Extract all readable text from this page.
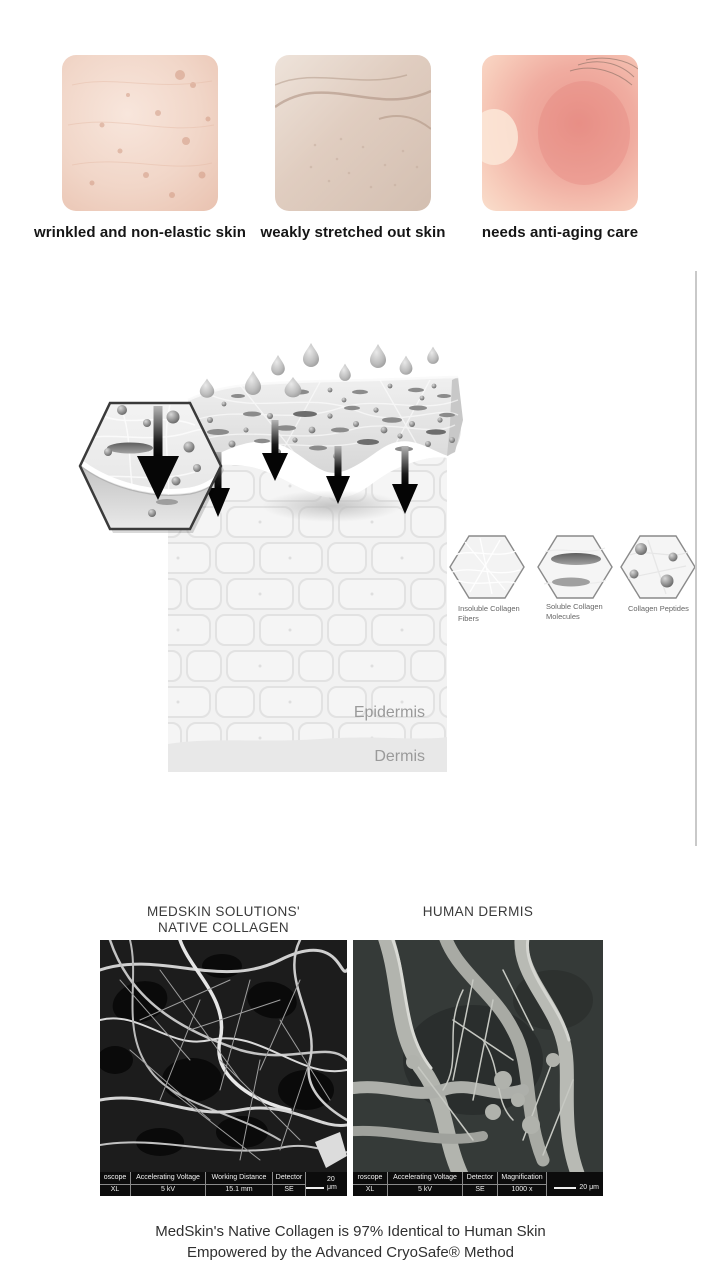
wrinkled and non-elastic skin weakly stretched out skin	needs anti-aging care
Epidermis
Dermis
Insoluble Collagen
Fibers
Soluble Collagen
Molecules
Collagen Peptides
MEDSKIN SOLUTIONS'
NATIVE COLLAGEN
HUMAN DERMIS
oscope
XL
Accelerating Voltage
5 kV
Working Distance
15.1 mm
Detector
SE
20 μm
roscope
XL
Accelerating Voltage
5 kV
Detector
SE
Magnification
1000 x	20 μm
MedSkin's Native Collagen is 97% Identical to Human Skin
Empowered by the Advanced CryoSafe® Method
